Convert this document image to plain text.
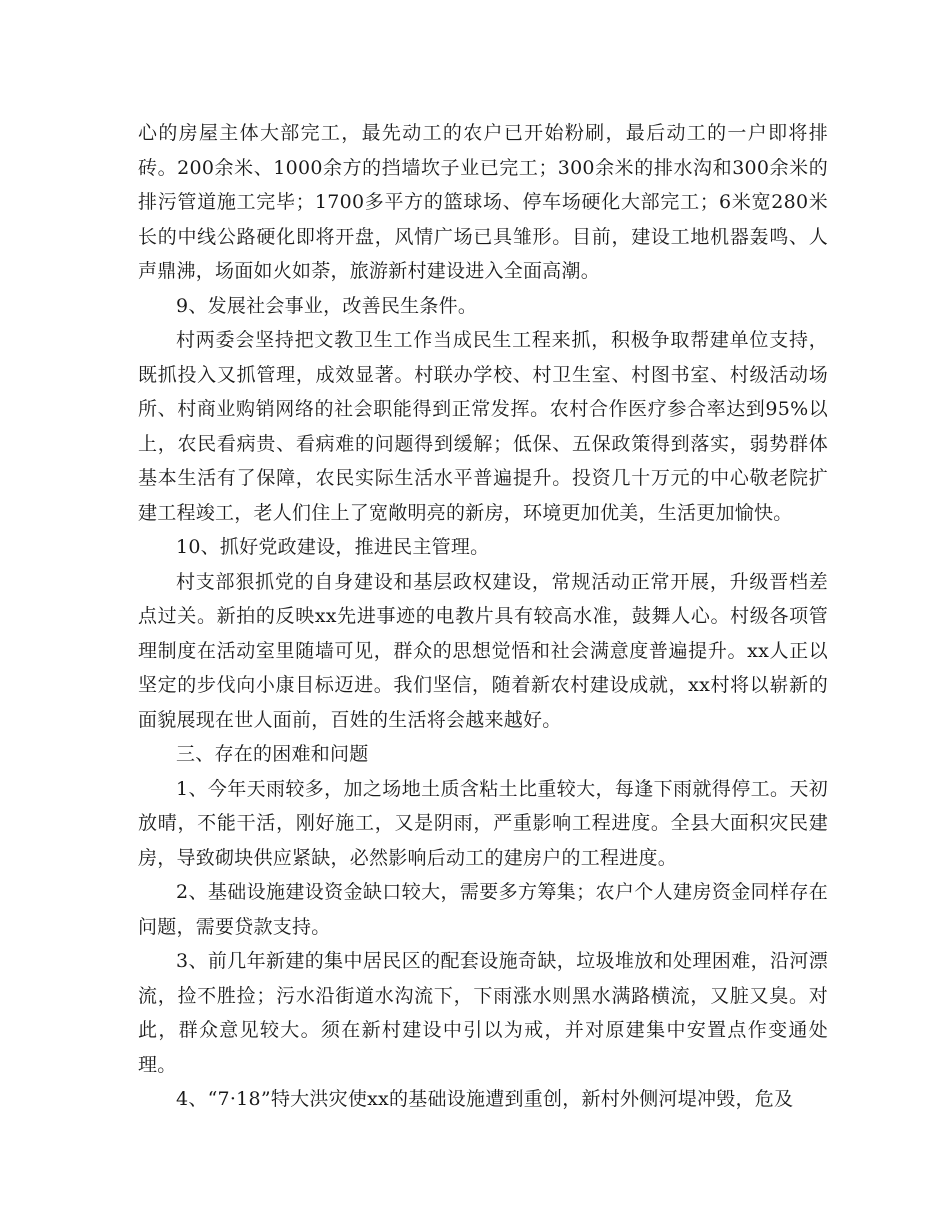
心的房屋主体大部完工，最先动工的农户已开始粉刷，最后动工的一户即将排砖。200余米、1000余方的挡墙坎子业已完工；300余米的排水沟和300余米的排污管道施工完毕；1700多平方的篮球场、停车场硬化大部完工；6米宽280米长的中线公路硬化即将开盘，风情广场已具雏形。目前，建设工地机器轰鸣、人声鼎沸，场面如火如荼，旅游新村建设进入全面高潮。

9、发展社会事业，改善民生条件。

村两委会坚持把文教卫生工作当成民生工程来抓，积极争取帮建单位支持，既抓投入又抓管理，成效显著。村联办学校、村卫生室、村图书室、村级活动场所、村商业购销网络的社会职能得到正常发挥。农村合作医疗参合率达到95%以上，农民看病贵、看病难的问题得到缓解；低保、五保政策得到落实，弱势群体基本生活有了保障，农民实际生活水平普遍提升。投资几十万元的中心敬老院扩建工程竣工，老人们住上了宽敞明亮的新房，环境更加优美，生活更加愉快。

10、抓好党政建设，推进民主管理。

村支部狠抓党的自身建设和基层政权建设，常规活动正常开展，升级晋档差点过关。新拍的反映xx先进事迹的电教片具有较高水准，鼓舞人心。村级各项管理制度在活动室里随墙可见，群众的思想觉悟和社会满意度普遍提升。xx人正以坚定的步伐向小康目标迈进。我们坚信，随着新农村建设成就，xx村将以崭新的面貌展现在世人面前，百姓的生活将会越来越好。

三、存在的困难和问题

1、今年天雨较多，加之场地土质含粘土比重较大，每逢下雨就得停工。天初放晴，不能干活，刚好施工，又是阴雨，严重影响工程进度。全县大面积灾民建房，导致砌块供应紧缺，必然影响后动工的建房户的工程进度。

2、基础设施建设资金缺口较大，需要多方筹集；农户个人建房资金同样存在问题，需要贷款支持。

3、前几年新建的集中居民区的配套设施奇缺，垃圾堆放和处理困难，沿河漂流，捡不胜捡；污水沿街道水沟流下，下雨涨水则黑水满路横流，又脏又臭。对此，群众意见较大。须在新村建设中引以为戒，并对原建集中安置点作变通处理。

4、“7·18”特大洪灾使xx的基础设施遭到重创，新村外侧河堤冲毁，危及
